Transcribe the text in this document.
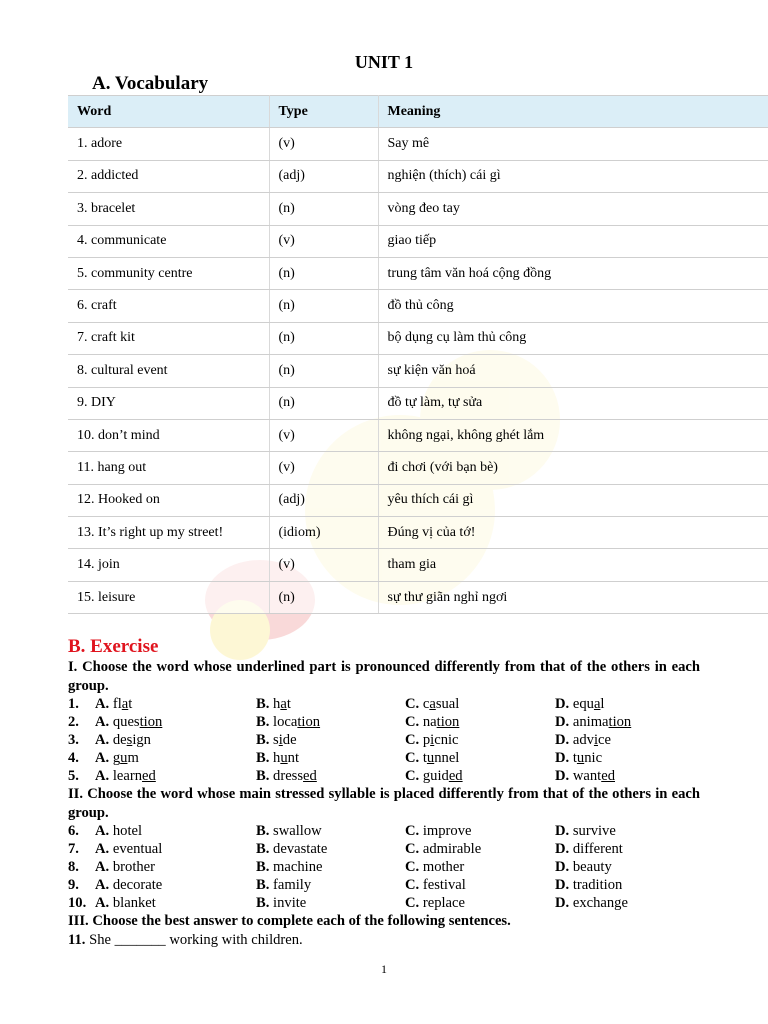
UNIT 1
A. Vocabulary
Word	Type	Meaning
1. adore	(v)	Say mê
2. addicted	(adj)	nghiện (thích) cái gì
3. bracelet	(n)	vòng đeo tay
4. communicate	(v)	giao tiếp
5. community centre	(n)	trung tâm văn hoá cộng đồng
6. craft	(n)	đồ thủ công
7. craft kit	(n)	bộ dụng cụ làm thủ công
8. cultural event	(n)	sự kiện văn hoá
9. DIY	(n)	đồ tự làm, tự sửa
10. don’t mind	(v)	không ngại, không ghét lắm
11. hang out	(v)	đi chơi (với bạn bè)
12. Hooked on	(adj)	yêu thích cái gì
13. It’s right up my street!	(idiom)	Đúng vị của tớ!
14. join	(v)	tham gia
15. leisure	(n)	sự thư giãn nghỉ ngơi
B. Exercise
I. Choose the word whose underlined part is pronounced differently from that of the others in each group.
1. A. flat	B. hat	C. casual	D. equal
2. A. question	B. location	C. nation	D. animation
3. A. design	B. side	C. picnic	D. advice
4. A. gum	B. hunt	C. tunnel	D. tunic
5. A. learned	B. dressed	C. guided	D. wanted
II. Choose the word whose main stressed syllable is placed differently from that of the others in each group.
6. A. hotel	B. swallow	C. improve	D. survive
7. A. eventual	B. devastate	C. admirable	D. different
8. A. brother	B. machine	C. mother	D. beauty
9. A. decorate	B. family	C. festival	D. tradition
10. A. blanket	B. invite	C. replace	D. exchange
III. Choose the best answer to complete each of the following sentences.
11. She _______ working with children.
1
